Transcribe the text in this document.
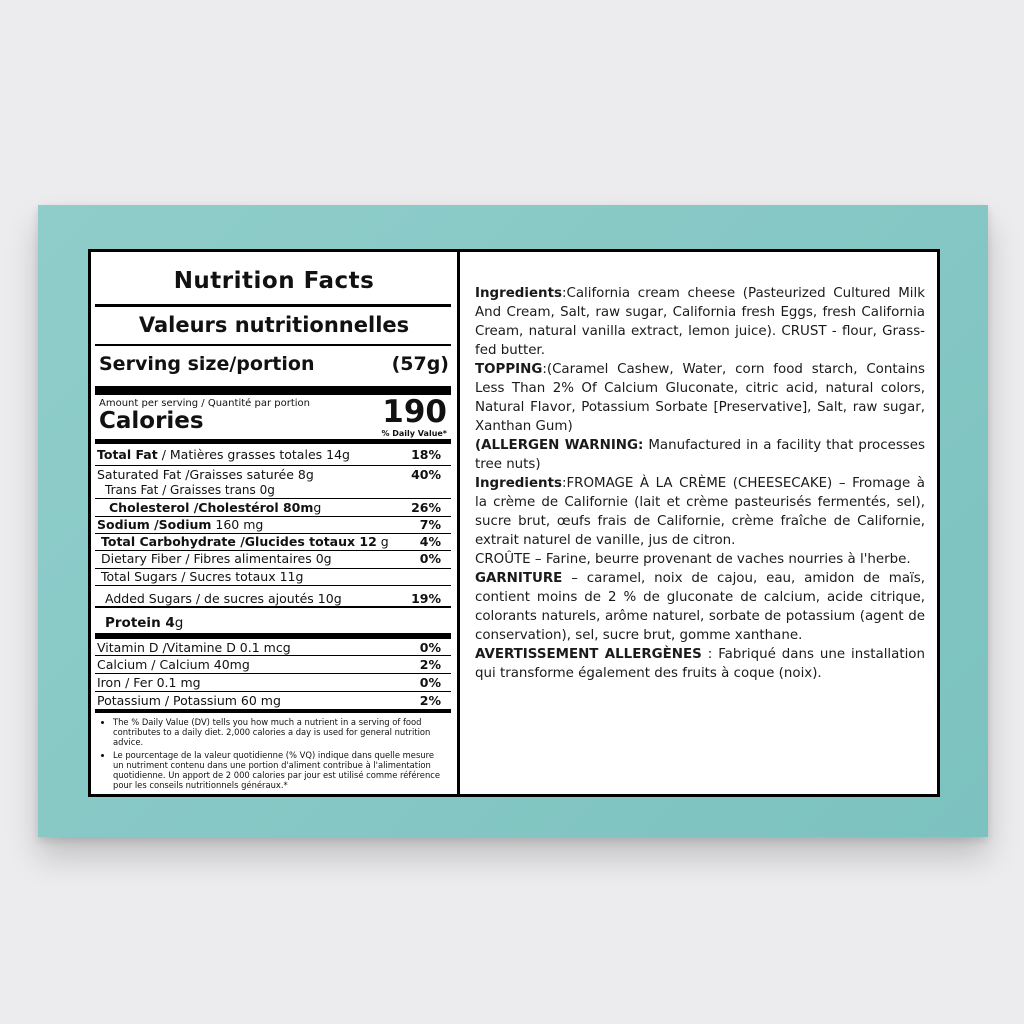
Nutrition Facts
Valeurs nutritionnelles
Serving size/portion	(57g)
Amount per serving / Quantité par portion
Calories	190
% Daily Value*
Total Fat / Matières grasses totales 14g	18%
Saturated Fat /Graisses saturée 8g	40%
Trans Fat / Graisses trans 0g
Cholesterol /Cholestérol 80mg	26%
Sodium /Sodium 160 mg	7%
Total Carbohydrate /Glucides totaux 12 g 4%
Dietary Fiber / Fibres alimentaires 0g	0%
Total Sugars / Sucres totaux 11g
Added Sugars / de sucres ajoutés 10g	19%
Protein 4g
Vitamin D /Vitamine D 0.1 mcg	0%
Calcium / Calcium 40mg	2%
Iron / Fer 0.1 mg	0%
Potassium / Potassium 60 mg	2%
• The % Daily Value (DV) tells you how much a nutrient in a serving of food contributes to a daily diet. 2,000 calories a day is used for general nutrition advice.
• Le pourcentage de la valeur quotidienne (% VQ) indique dans quelle mesure un nutriment contenu dans une portion d'aliment contribue à l'alimentation quotidienne. Un apport de 2 000 calories par jour est utilisé comme référence pour les conseils nutritionnels généraux.*

Ingredients:California cream cheese (Pasteurized Cultured Milk And Cream, Salt, raw sugar, California fresh Eggs, fresh California Cream, natural vanilla extract, lemon juice). CRUST - flour, Grass-fed butter.

TOPPING:(Caramel Cashew, Water, corn food starch, Contains Less Than 2% Of Calcium Gluconate, citric acid, natural colors, Natural Flavor, Potassium Sorbate [Preservative], Salt, raw sugar, Xanthan Gum)

(ALLERGEN WARNING: Manufactured in a facility that processes tree nuts)

Ingredients:FROMAGE À LA CRÈME (CHEESECAKE) – Fromage à la crème de Californie (lait et crème pasteurisés fermentés, sel), sucre brut, œufs frais de Californie, crème fraîche de Californie, extrait naturel de vanille, jus de citron.

CROÛTE – Farine, beurre provenant de vaches nourries à l'herbe.

GARNITURE – caramel, noix de cajou, eau, amidon de maïs, contient moins de 2 % de gluconate de calcium, acide citrique, colorants naturels, arôme naturel, sorbate de potassium (agent de conservation), sel, sucre brut, gomme xanthane.

AVERTISSEMENT ALLERGÈNES : Fabriqué dans une installation qui transforme également des fruits à coque (noix).
